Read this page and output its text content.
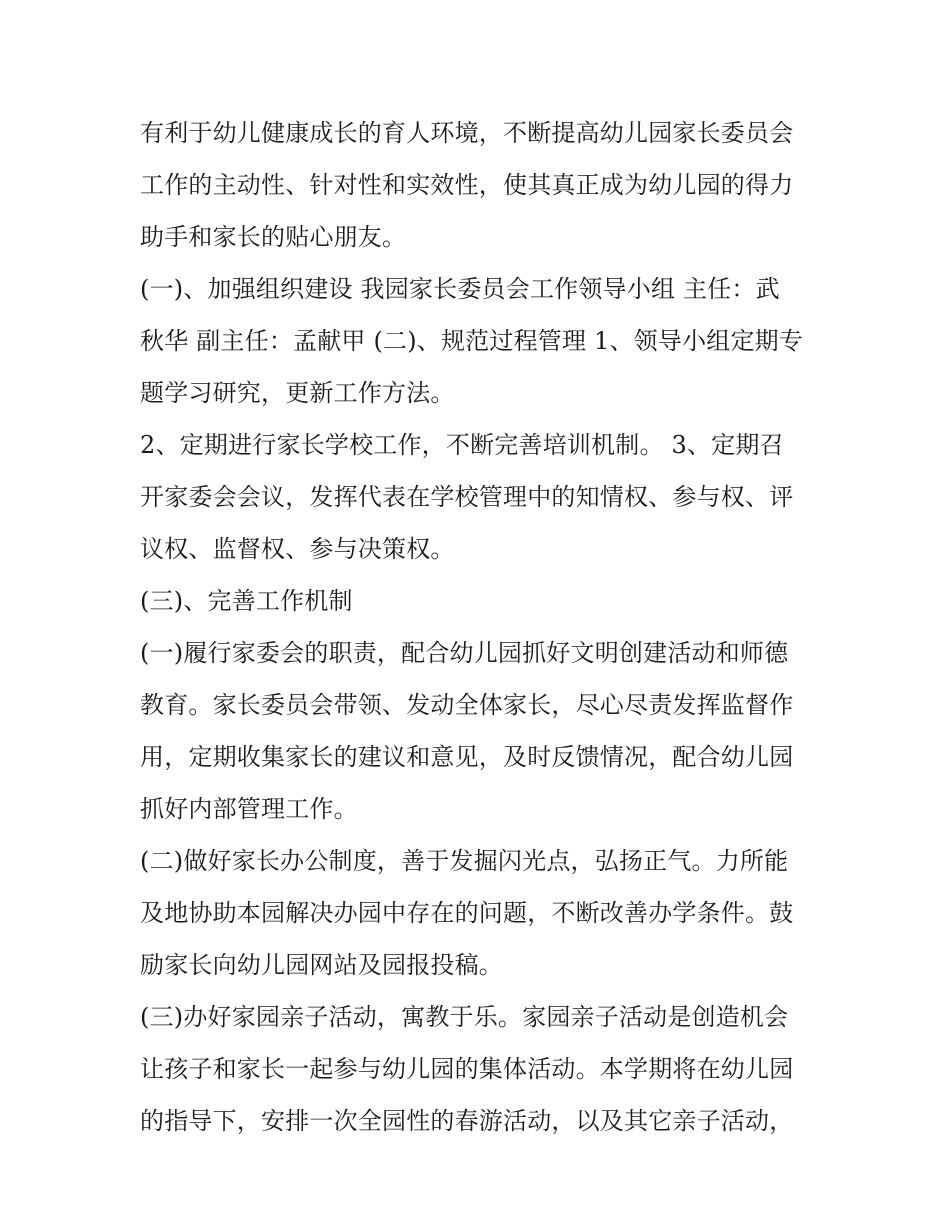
有利于幼儿健康成长的育人环境，不断提高幼儿园家长委员会
工作的主动性、针对性和实效性，使其真正成为幼儿园的得力
助手和家长的贴心朋友。

(一)、加强组织建设 我园家长委员会工作领导小组 主任：武
秋华 副主任：孟献甲 (二)、规范过程管理 1、领导小组定期专
题学习研究，更新工作方法。

2、定期进行家长学校工作，不断完善培训机制。 3、定期召
开家委会会议，发挥代表在学校管理中的知情权、参与权、评
议权、监督权、参与决策权。

(三)、完善工作机制

(一)履行家委会的职责，配合幼儿园抓好文明创建活动和师德
教育。家长委员会带领、发动全体家长，尽心尽责发挥监督作
用，定期收集家长的建议和意见，及时反馈情况，配合幼儿园
抓好内部管理工作。

(二)做好家长办公制度，善于发掘闪光点，弘扬正气。力所能
及地协助本园解决办园中存在的问题，不断改善办学条件。鼓
励家长向幼儿园网站及园报投稿。

(三)办好家园亲子活动，寓教于乐。家园亲子活动是创造机会
让孩子和家长一起参与幼儿园的集体活动。本学期将在幼儿园
的指导下，安排一次全园性的春游活动，以及其它亲子活动，
